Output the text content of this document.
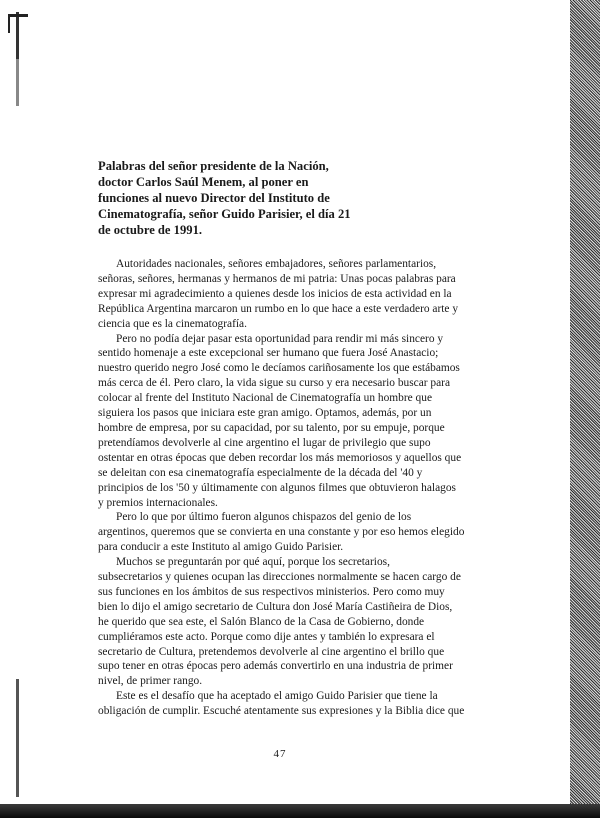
Palabras del señor presidente de la Nación,
doctor Carlos Saúl Menem, al poner en
funciones al nuevo Director del Instituto de
Cinematografía, señor Guido Parisier, el día 21
de octubre de 1991.

Autoridades nacionales, señores embajadores, señores parlamentarios,
señoras, señores, hermanas y hermanos de mi patria: Unas pocas palabras para
expresar mi agradecimiento a quienes desde los inicios de esta actividad en la
República Argentina marcaron un rumbo en lo que hace a este verdadero arte y
ciencia que es la cinematografía.

Pero no podía dejar pasar esta oportunidad para rendir mi más sincero y
sentido homenaje a este excepcional ser humano que fuera José Anastacio;
nuestro querido negro José como le decíamos cariñosamente los que estábamos
más cerca de él. Pero claro, la vida sigue su curso y era necesario buscar para
colocar al frente del Instituto Nacional de Cinematografía un hombre que
siguiera los pasos que iniciara este gran amigo. Optamos, además, por un
hombre de empresa, por su capacidad, por su talento, por su empuje, porque
pretendíamos devolverle al cine argentino el lugar de privilegio que supo
ostentar en otras épocas que deben recordar los más memoriosos y aquellos que
se deleitan con esa cinematografía especialmente de la década del '40 y
principios de los '50 y últimamente con algunos filmes que obtuvieron halagos
y premios internacionales.

Pero lo que por último fueron algunos chispazos del genio de los
argentinos, queremos que se convierta en una constante y por eso hemos elegido
para conducir a este Instituto al amigo Guido Parisier.

Muchos se preguntarán por qué aquí, porque los secretarios,
subsecretarios y quienes ocupan las direcciones normalmente se hacen cargo de
sus funciones en los ámbitos de sus respectivos ministerios. Pero como muy
bien lo dijo el amigo secretario de Cultura don José María Castiñeira de Dios,
he querido que sea este, el Salón Blanco de la Casa de Gobierno, donde
cumpliéramos este acto. Porque como dije antes y también lo expresara el
secretario de Cultura, pretendemos devolverle al cine argentino el brillo que
supo tener en otras épocas pero además convertirlo en una industria de primer
nivel, de primer rango.

Este es el desafío que ha aceptado el amigo Guido Parisier que tiene la
obligación de cumplir. Escuché atentamente sus expresiones y la Biblia dice que

47
